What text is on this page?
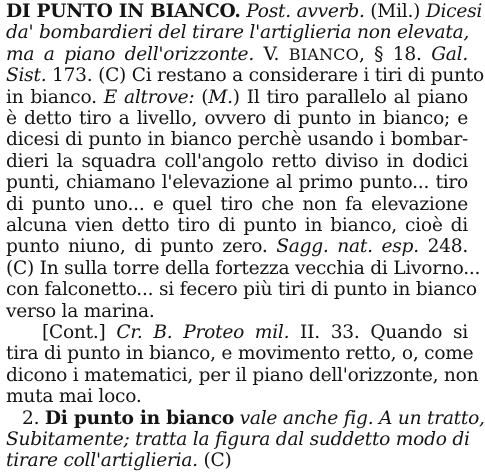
DI PUNTO IN BIANCO. Post. avverb. (Mil.) Dicesi
da' bombardieri del tirare l'artiglieria non elevata,
ma a piano dell'orizzonte. V. BIANCO, § 18. Gal.
Sist. 173. (C) Ci restano a considerare i tiri di punto
in bianco. E altrove: (M.) Il tiro parallelo al piano
è detto tiro a livello, ovvero di punto in bianco; e
dicesi di punto in bianco perchè usando i bombar-
dieri la squadra coll'angolo retto diviso in dodici
punti, chiamano l'elevazione al primo punto... tiro
di punto uno... e quel tiro che non fa elevazione
alcuna vien detto tiro di punto in bianco, cioè di
punto niuno, di punto zero. Sagg. nat. esp. 248.
(C) In sulla torre della fortezza vecchia di Livorno...
con falconetto... si fecero più tiri di punto in bianco
verso la marina.
[Cont.] Cr. B. Proteo mil. II. 33. Quando si
tira di punto in bianco, e movimento retto, o, come
dicono i matematici, per il piano dell'orizzonte, non
muta mai loco.
2. Di punto in bianco vale anche fig. A un tratto,
Subitamente; tratta la figura dal suddetto modo di
tirare coll'artiglieria. (C)
